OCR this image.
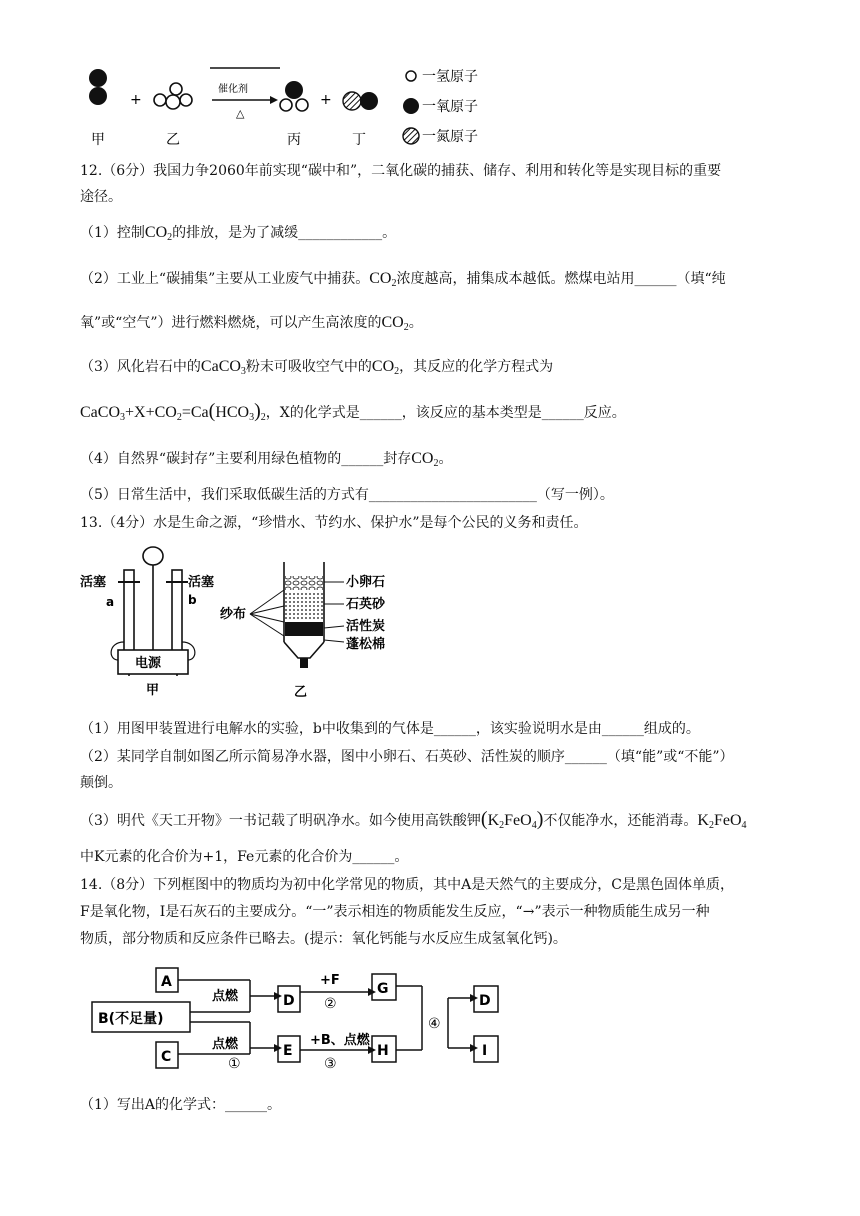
+
催化剂
△
+
甲	乙	丙	丁
一氢原子
一氧原子
一氮原子
12.（6分）我国力争2060年前实现“碳中和”，二氧化碳的捕获、储存、利用和转化等是实现目标的重要
途径。
（1）控制$CO_2$的排放，是为了减缓____________。
（2）工业上“碳捕集”主要从工业废气中捕获。$CO_2$浓度越高，捕集成本越低。燃煤电站用______（填“纯
氧”或“空气”）进行燃料燃烧，可以产生高浓度的$CO_2$。
（3）风化岩石中的CaCO$_3$粉末可吸收空气中的$CO_2$，其反应的化学方程式为
$CaCO_3+X+CO_2=Ca(HCO_3)_2$，X的化学式是______，该反应的基本类型是______反应。
（4）自然界“碳封存”主要利用绿色植物的______封存$CO_2$。
（5）日常生活中，我们采取低碳生活的方式有________________________（写一例）。
13.（4分）水是生命之源，“珍惜水、节约水、保护水”是每个公民的义务和责任。
电源
活塞	活塞
a	b
甲
纱布
小卵石
石英砂
活性炭
蓬松棉
乙
（1）用图甲装置进行电解水的实验，b中收集到的气体是______，该实验说明水是由______组成的。
（2）某同学自制如图乙所示简易净水器，图中小卵石、石英砂、活性炭的顺序______（填“能”或“不能”）
颠倒。
（3）明代《天工开物》一书记载了明矾净水。如今使用高铁酸钾$(K_2FeO_4)$不仅能净水，还能消毒。$K_2FeO_4$
中K元素的化合价为+1，Fe元素的化合价为______。
14.（8分）下列框图中的物质均为初中化学常见的物质，其中A是天然气的主要成分，C是黑色固体单质，
F是氧化物，I是石灰石的主要成分。“一”表示相连的物质能发生反应，“→”表示一种物质能生成另一种
物质，部分物质和反应条件已略去。(提示：氧化钙能与水反应生成氢氧化钙)。
A
B(不足量)
C
D
E
G
H
D
I
点燃
点燃
①
+F
②
+B、点燃
③
④
（1）写出A的化学式：______。
